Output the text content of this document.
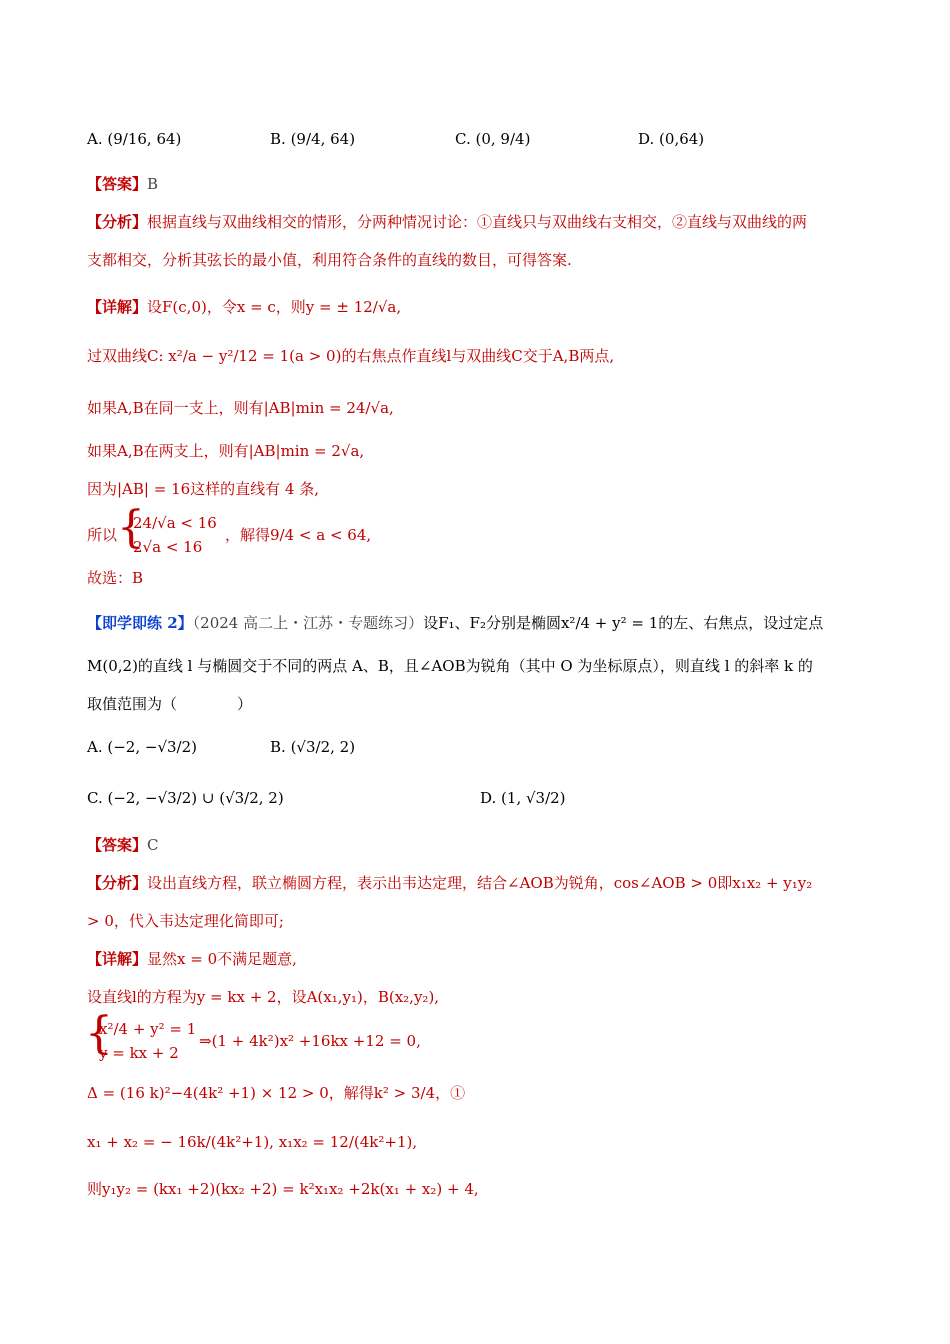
A. (9/16, 64)	B. (9/4, 64)	C. (0, 9/4)	D. (0,64)
【答案】B
【分析】根据直线与双曲线相交的情形，分两种情况讨论：①直线只与双曲线右支相交，②直线与双曲线的两
支都相交，分析其弦长的最小值，利用符合条件的直线的数目，可得答案.
【详解】设F(c,0)，令x = c，则y = ± 12/√a,
过双曲线C: x²/a − y²/12 = 1(a > 0)的右焦点作直线l与双曲线C交于A,B两点,
如果A,B在同一支上，则有|AB|min = 24/√a,
如果A,B在两支上，则有|AB|min = 2√a,
因为|AB| = 16这样的直线有 4 条,
所以 {
24/√a < 16
2√a < 16
，解得9/4 < a < 64,
故选：B
【即学即练 2】（2024 高二上・江苏・专题练习）设F₁、F₂分别是椭圆x²/4 + y² = 1的左、右焦点，设过定点
M(0,2)的直线 l 与椭圆交于不同的两点 A、B，且∠AOB为锐角（其中 O 为坐标原点），则直线 l 的斜率 k 的
取值范围为（　　　　）
A. (−2, −√3/2)	B. (√3/2, 2)
C. (−2, −√3/2) ∪ (√3/2, 2)	D. (1, √3/2)
【答案】C
【分析】设出直线方程，联立椭圆方程，表示出韦达定理，结合∠AOB为锐角，cos∠AOB > 0即x₁x₂ + y₁y₂
> 0，代入韦达定理化简即可;
【详解】显然x = 0不满足题意,
设直线l的方程为y = kx + 2，设A(x₁,y₁)，B(x₂,y₂),
{
x²/4 + y² = 1
y = kx + 2
⇒(1 + 4k²)x² +16kx +12 = 0,
Δ = (16 k)²−4(4k² +1) × 12 > 0，解得k² > 3/4，①
x₁ + x₂ = − 16k/(4k²+1), x₁x₂ = 12/(4k²+1),
则y₁y₂ = (kx₁ +2)(kx₂ +2) = k²x₁x₂ +2k(x₁ + x₂) + 4,
